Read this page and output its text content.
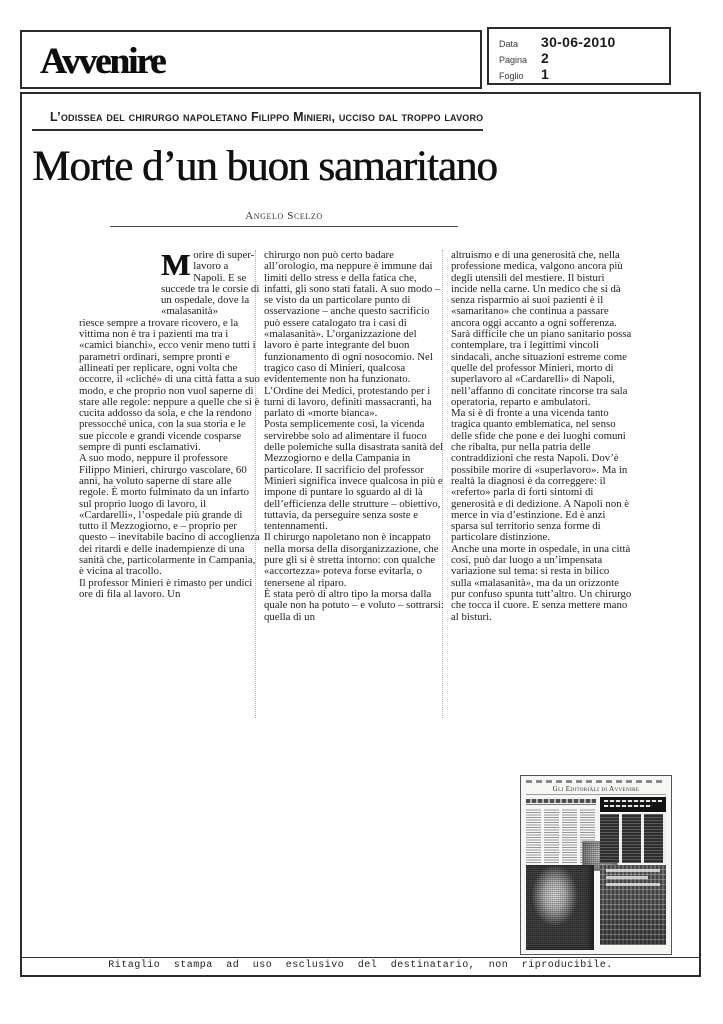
Avvenire	Data	30-06-2010
Pagina 2
Foglio	1
L’odissea del chirurgo napoletano Filippo Minieri, ucciso dal troppo lavoro
Morte d’un buon samaritano
Angelo Scelzo
Morire di super-lavoro a Napoli. E se succede tra le corsie di un ospedale, dove la «malasanità»

riesce sempre a trovare ricovero, e la vittima non è tra i pazienti ma tra i «camici bianchi», ecco venir meno tutti i parametri ordinari, sempre pronti e allineati per replicare, ogni volta che occorre, il «cliché» di una città fatta a suo modo, e che proprio non vuol saperne di stare alle regole: neppure a quelle che si è cucita addosso da sola, e che la rendono pressocché unica, con la sua storia e le sue piccole e grandi vicende cosparse sempre di punti esclamativi.

A suo modo, neppure il professore Filippo Minieri, chirurgo vascolare, 60 anni, ha voluto saperne di stare alle regole. È morto fulminato da un infarto sul proprio luogo di lavoro, il «Cardarelli», l’ospedale più grande di tutto il Mezzogiorno, e – proprio per questo – inevitabile bacino di accoglienza dei ritardi e delle inadempienze di una sanità che, particolarmente in Campania, è vicina al tracollo.

Il professor Minieri è rimasto per undici ore di fila al lavoro. Un

chirurgo non può certo badare all’orologio, ma neppure è immune dai limiti dello stress e della fatica che, infatti, gli sono stati fatali. A suo modo – se visto da un particolare punto di osservazione – anche questo sacrificio può essere catalogato tra i casi di «malasanità». L’organizzazione del lavoro è parte integrante del buon funzionamento di ogni nosocomio. Nel tragico caso di Minieri, qualcosa evidentemente non ha funzionato. L’Ordine dei Medici, protestando per i turni di lavoro, definiti massacranti, ha parlato di «morte bianca».

Posta semplicemente così, la vicenda servirebbe solo ad alimentare il fuoco delle polemiche sulla disastrata sanità del Mezzogiorno e della Campania in particolare. Il sacrificio del professor Minieri significa invece qualcosa in più e impone di puntare lo sguardo al di là dell’efficienza delle strutture – obiettivo, tuttavia, da perseguire senza soste e tentennamenti.

Il chirurgo napoletano non è incappato nella morsa della disorganizzazione, che pure gli si è stretta intorno: con qualche «accortezza» poteva forse evitarla, o tenersene al riparo.

È stata però di altro tipo la morsa dalla quale non ha potuto – e voluto – sottrarsi: quella di un

altruismo e di una generosità che, nella professione medica, valgono ancora più degli utensili del mestiere. Il bisturi incide nella carne. Un medico che si dà senza risparmio ai suoi pazienti è il «samaritano» che continua a passare ancora oggi accanto a ogni sofferenza.

Sarà difficile che un piano sanitario possa contemplare, tra i legittimi vincoli sindacali, anche situazioni estreme come quelle del professor Minieri, morto di superlavoro al «Cardarelli» di Napoli, nell’affanno di concitate rincorse tra sala operatoria, reparto e ambulatori.

Ma si è di fronte a una vicenda tanto tragica quanto emblematica, nel senso delle sfide che pone e dei luoghi comuni che ribalta, pur nella patria delle contraddizioni che resta Napoli. Dov’è possibile morire di «superlavoro». Ma in realtà la diagnosi è da correggere: il «referto» parla di forti sintomi di generosità e di dedizione. A Napoli non è merce in via d’estinzione. Ed è anzi sparsa sul territorio senza forme di particolare distinzione.

Anche una morte in ospedale, in una città così, può dar luogo a un’impensata variazione sul tema: si resta in bilico sulla «malasanità», ma da un orizzonte pur confuso spunta tutt’altro. Un chirurgo che tocca il cuore. E senza mettere mano al bisturi.

Gli Editoriali di Avvenire
Ritaglio stampa ad uso esclusivo del destinatario, non riproducibile.
